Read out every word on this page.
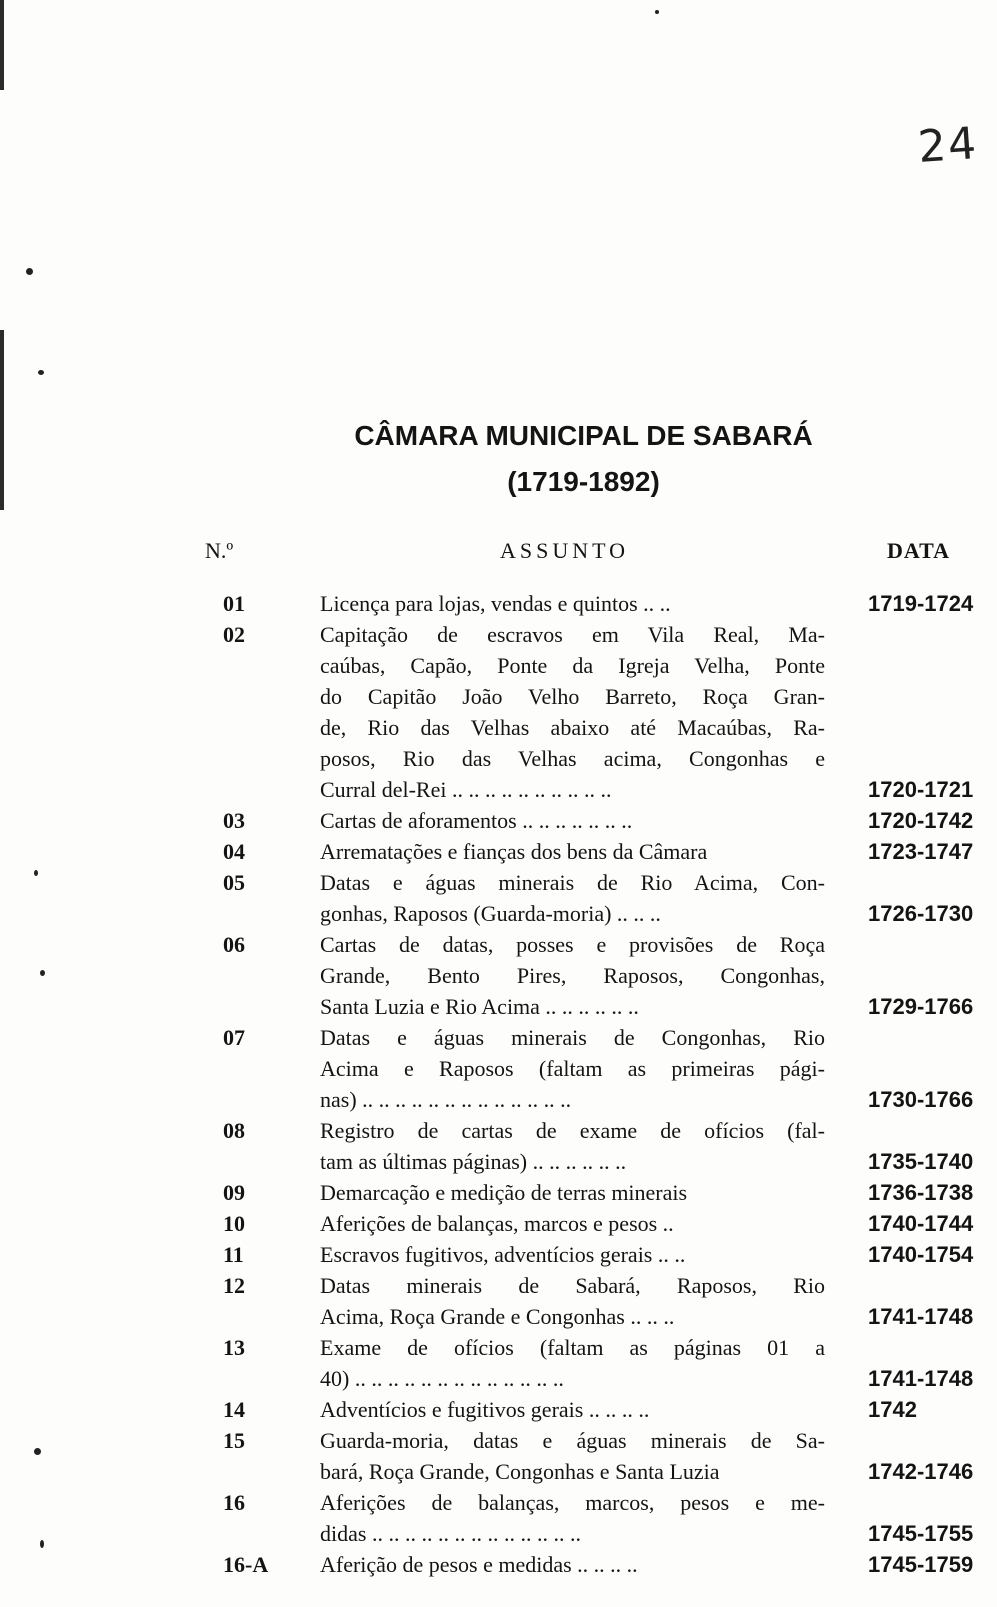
24
CÂMARA MUNICIPAL DE SABARÁ
(1719-1892)
N.º	ASSUNTO	DATA
01	Licença para lojas, vendas e quintos .. ..	1719-1724
02	Capitação de escravos em Vila Real, Ma-
caúbas, Capão, Ponte da Igreja Velha, Ponte
do Capitão João Velho Barreto, Roça Gran-
de, Rio das Velhas abaixo até Macaúbas, Ra-
posos, Rio das Velhas acima, Congonhas e
Curral del-Rei .. .. .. .. .. .. .. .. .. ..	1720-1721
03	Cartas de aforamentos .. .. .. .. .. .. ..	1720-1742
04	Arrematações e fianças dos bens da Câmara	1723-1747
05	Datas e águas minerais de Rio Acima, Con-
gonhas, Raposos (Guarda-moria) .. .. ..	1726-1730
06	Cartas de datas, posses e provisões de Roça
Grande, Bento Pires, Raposos, Congonhas,
Santa Luzia e Rio Acima .. .. .. .. .. ..	1729-1766
07	Datas e águas minerais de Congonhas, Rio
Acima e Raposos (faltam as primeiras pági-
nas) .. .. .. .. .. .. .. .. .. .. .. .. ..	1730-1766
08	Registro de cartas de exame de ofícios (fal-
tam as últimas páginas) .. .. .. .. .. ..	1735-1740
09	Demarcação e medição de terras minerais	1736-1738
10	Aferições de balanças, marcos e pesos ..	1740-1744
11	Escravos fugitivos, adventícios gerais .. ..	1740-1754
12	Datas minerais de Sabará, Raposos, Rio
Acima, Roça Grande e Congonhas .. .. ..	1741-1748
13	Exame de ofícios (faltam as páginas 01 a
40) .. .. .. .. .. .. .. .. .. .. .. .. ..	1741-1748
14	Adventícios e fugitivos gerais .. .. .. ..	1742
15	Guarda-moria, datas e águas minerais de Sa-
bará, Roça Grande, Congonhas e Santa Luzia	1742-1746
16	Aferições de balanças, marcos, pesos e me-
didas .. .. .. .. .. .. .. .. .. .. .. .. ..	1745-1755
16-A Aferição de pesos e medidas .. .. .. ..	1745-1759
